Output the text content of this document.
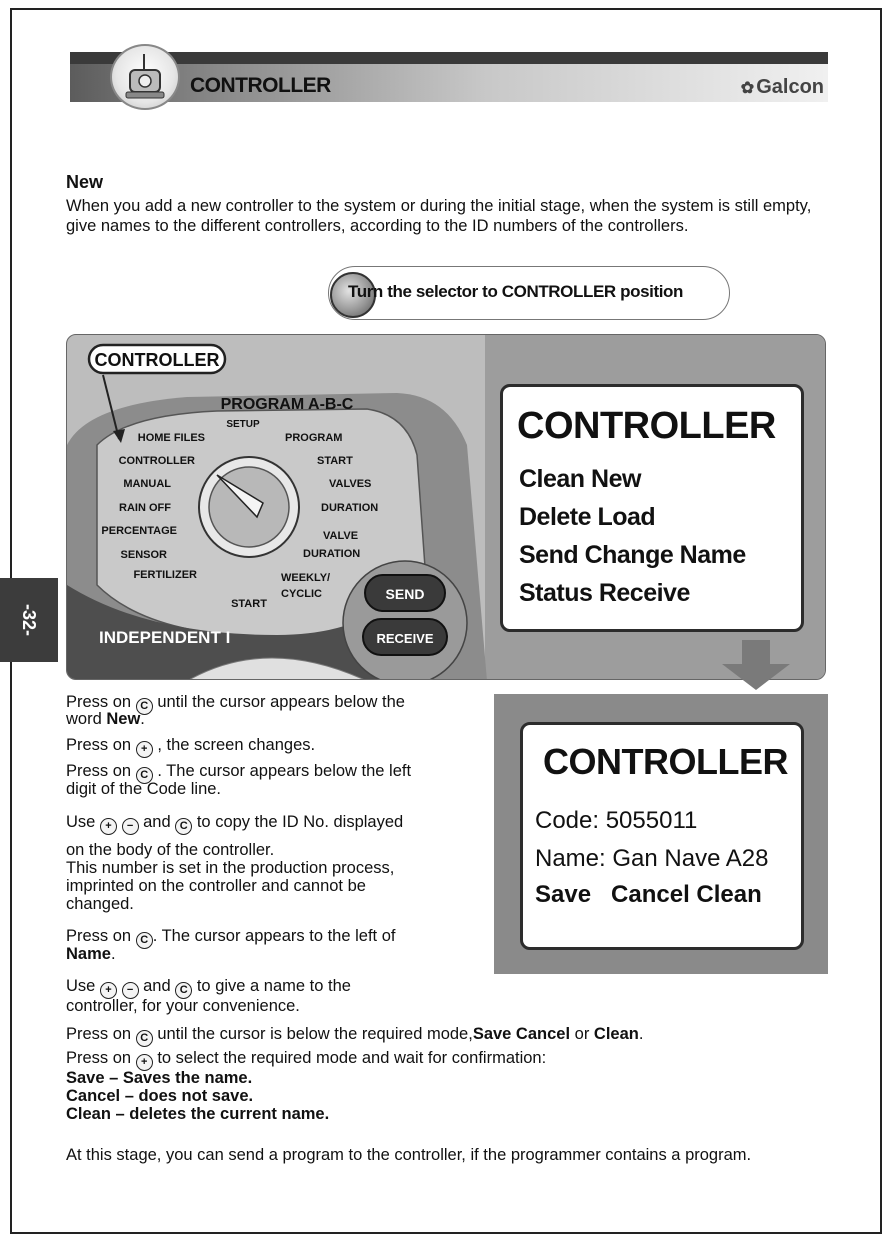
CONTROLLER	✿ Galcon
-32-
New
When you add a new controller to the system or during the initial stage, when the system is still empty, give names to the different controllers, according to the ID numbers of the controllers.
Turn the selector to CONTROLLER position
CONTROLLER
PROGRAM A-B-C
SETUP
HOME FILES
CONTROLLER
MANUAL
RAIN OFF
PERCENTAGE
SENSOR
FERTILIZER
PROGRAM
START
VALVES
DURATION
VALVE
DURATION
WEEKLY/
CYCLIC
START
SEND
RECEIVE
INDEPENDENT I
CONTROLLER
Clean New
Delete Load
Send Change Name
Status Receive
CONTROLLER
Code: 5055011
Name: Gan Nave A28
Save   Cancel Clean
Press on C until the cursor appears below the
word New.
Press on + , the screen changes.
Press on C . The cursor appears below the left
digit of the Code line.
Use + − and C to copy the ID No. displayed
on the body of the controller.
This number is set in the production process,
imprinted on the controller and cannot be
changed.
Press on C . The cursor appears to the left of
Name.
Use + − and C to give a name to the
controller, for your convenience.
Press on C until the cursor is below the required mode,Save Cancel or Clean.
Press on + to select the required mode and wait for confirmation:
Save – Saves the name.
Cancel – does not save.
Clean – deletes the current name.
At this stage, you can send a program to the controller, if the programmer contains a program.
